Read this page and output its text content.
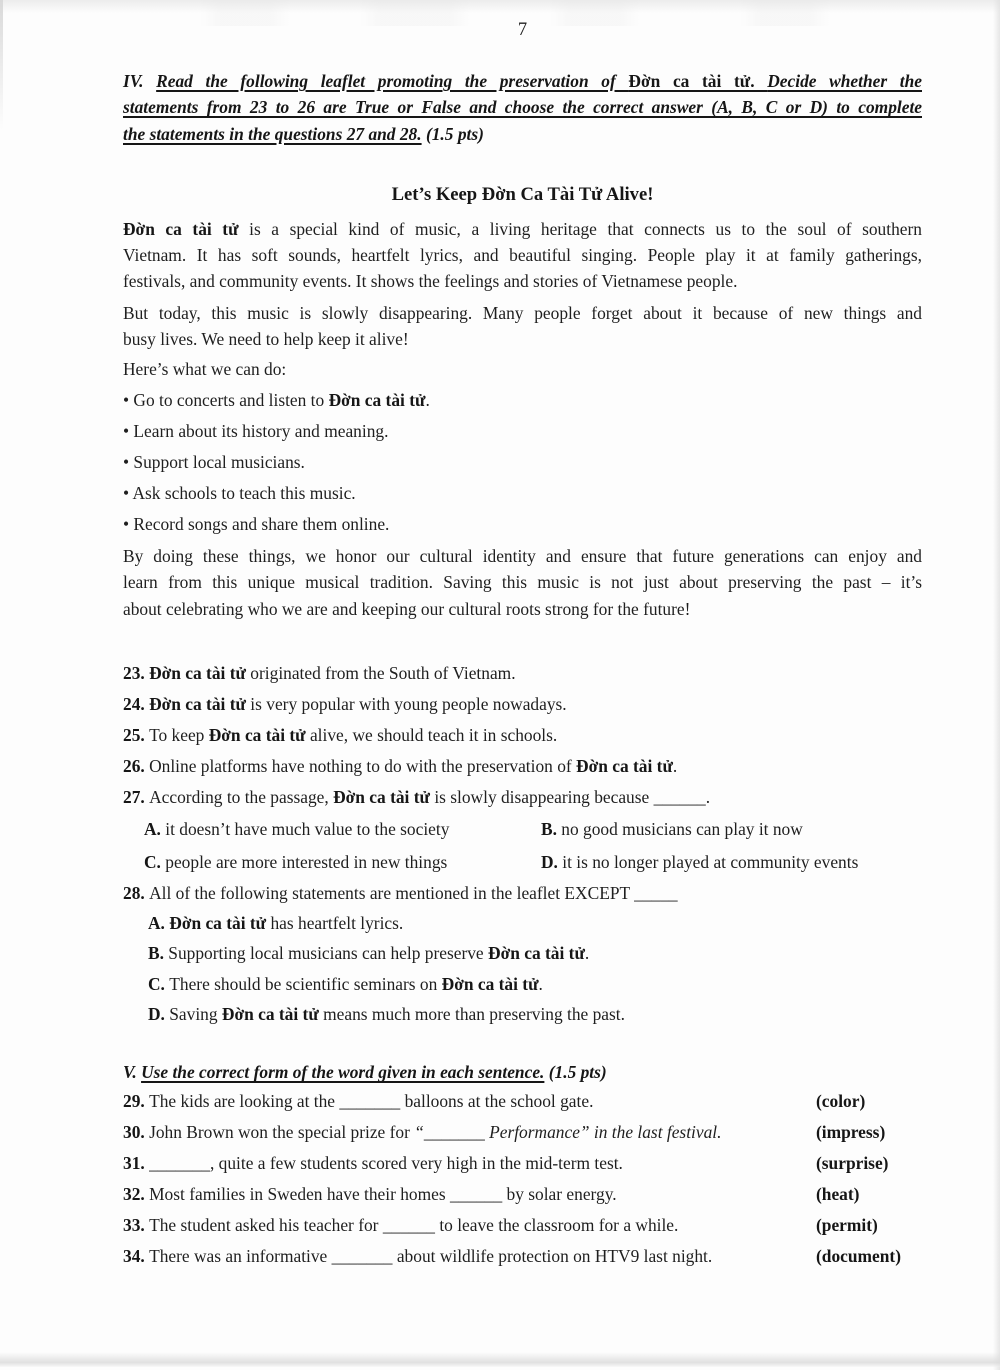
7
IV. Read the following leaflet promoting the preservation of Đờn ca tài tử. Decide whether the
statements from 23 to 26 are True or False and choose the correct answer (A, B, C or D) to complete
the statements in the questions 27 and 28. (1.5 pts)
Let’s Keep Đờn Ca Tài Tử Alive!
Đờn ca tài tử is a special kind of music, a living heritage that connects us to the soul of southern
Vietnam. It has soft sounds, heartfelt lyrics, and beautiful singing. People play it at family gatherings,
festivals, and community events. It shows the feelings and stories of Vietnamese people.
But today, this music is slowly disappearing. Many people forget about it because of new things and
busy lives. We need to help keep it alive!
Here’s what we can do:
• Go to concerts and listen to Đờn ca tài tử.
• Learn about its history and meaning.
• Support local musicians.
• Ask schools to teach this music.
• Record songs and share them online.
By doing these things, we honor our cultural identity and ensure that future generations can enjoy and
learn from this unique musical tradition. Saving this music is not just about preserving the past – it’s
about celebrating who we are and keeping our cultural roots strong for the future!
23. Đờn ca tài tử originated from the South of Vietnam.
24. Đờn ca tài tử is very popular with young people nowadays.
25. To keep Đờn ca tài tử alive, we should teach it in schools.
26. Online platforms have nothing to do with the preservation of Đờn ca tài tử.
27. According to the passage, Đờn ca tài tử is slowly disappearing because ______.
A. it doesn’t have much value to the society	B. no good musicians can play it now
C. people are more interested in new things	D. it is no longer played at community events
28. All of the following statements are mentioned in the leaflet EXCEPT _____
A. Đờn ca tài tử has heartfelt lyrics.
B. Supporting local musicians can help preserve Đờn ca tài tử.
C. There should be scientific seminars on Đờn ca tài tử.
D. Saving Đờn ca tài tử means much more than preserving the past.
V. Use the correct form of the word given in each sentence. (1.5 pts)
29. The kids are looking at the _______ balloons at the school gate.	(color)
30. John Brown won the special prize for “_______ Performance” in the last festival.	(impress)
31. _______, quite a few students scored very high in the mid-term test.	(surprise)
32. Most families in Sweden have their homes ______ by solar energy.	(heat)
33. The student asked his teacher for ______ to leave the classroom for a while.	(permit)
34. There was an informative _______ about wildlife protection on HTV9 last night.	(document)
